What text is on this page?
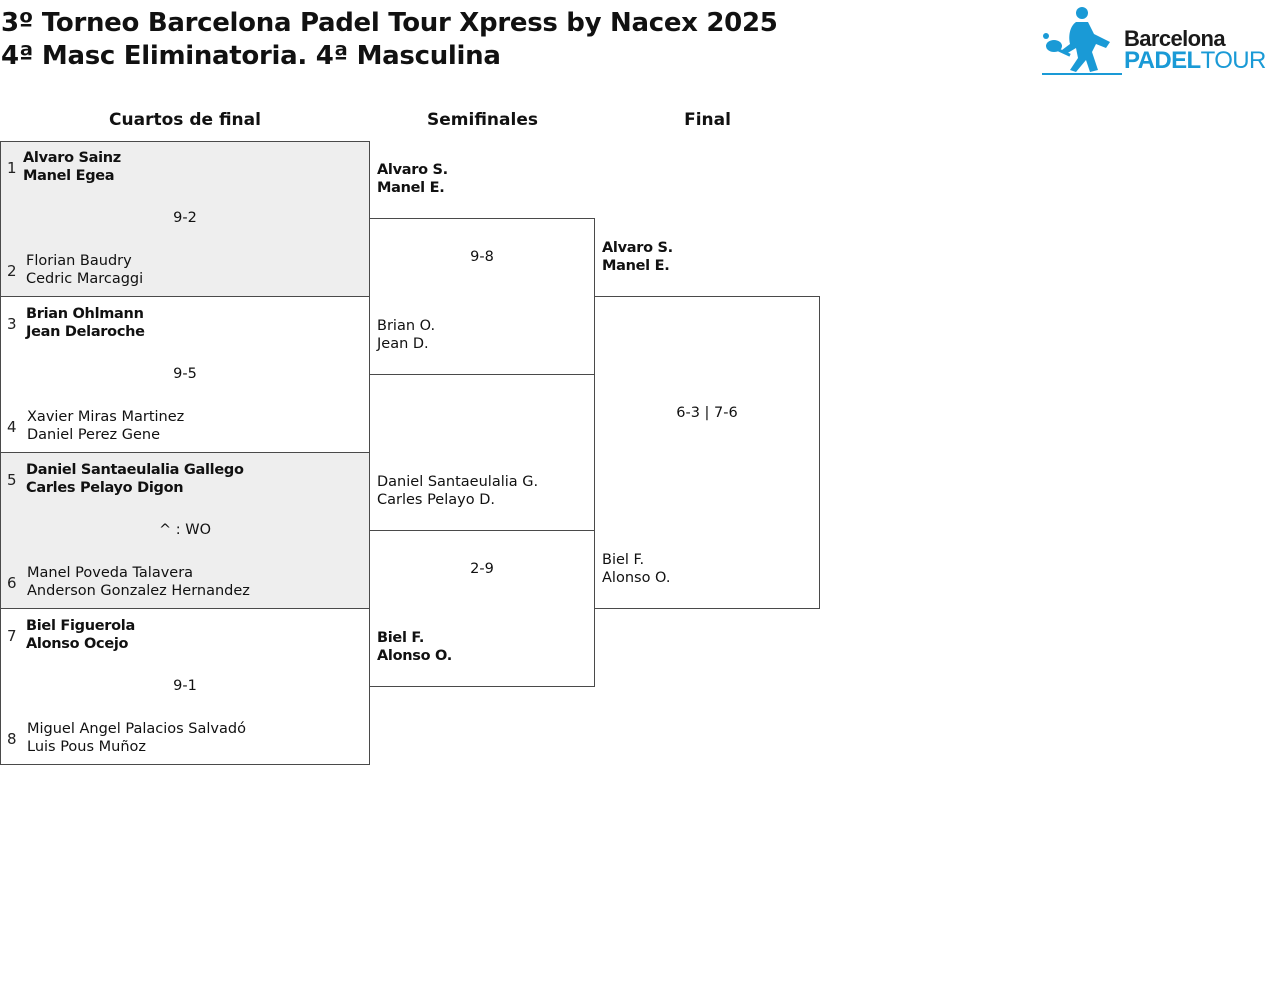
3º Torneo Barcelona Padel Tour Xpress by Nacex 2025
4ª Masc Eliminatoria. 4ª Masculina
Barcelona
PADELTOUR
Cuartos de final	Semifinales	Final
1
Alvaro Sainz
Manel Egea
9-2
2
Florian Baudry
Cedric Marcaggi
3
Brian Ohlmann
Jean Delaroche
9-5
4
Xavier Miras Martinez
Daniel Perez Gene
5
Daniel Santaeulalia Gallego
Carles Pelayo Digon
^ : WO
6
Manel Poveda Talavera
Anderson Gonzalez Hernandez
7
Biel Figuerola
Alonso Ocejo
9-1
8
Miguel Angel Palacios Salvadó
Luis Pous Muñoz
Alvaro S.
Manel E.
9-8
Brian O.
Jean D.
Daniel Santaeulalia G.
Carles Pelayo D.
2-9
Biel F.
Alonso O.
Alvaro S.
Manel E.
6-3 | 7-6
Biel F.
Alonso O.
